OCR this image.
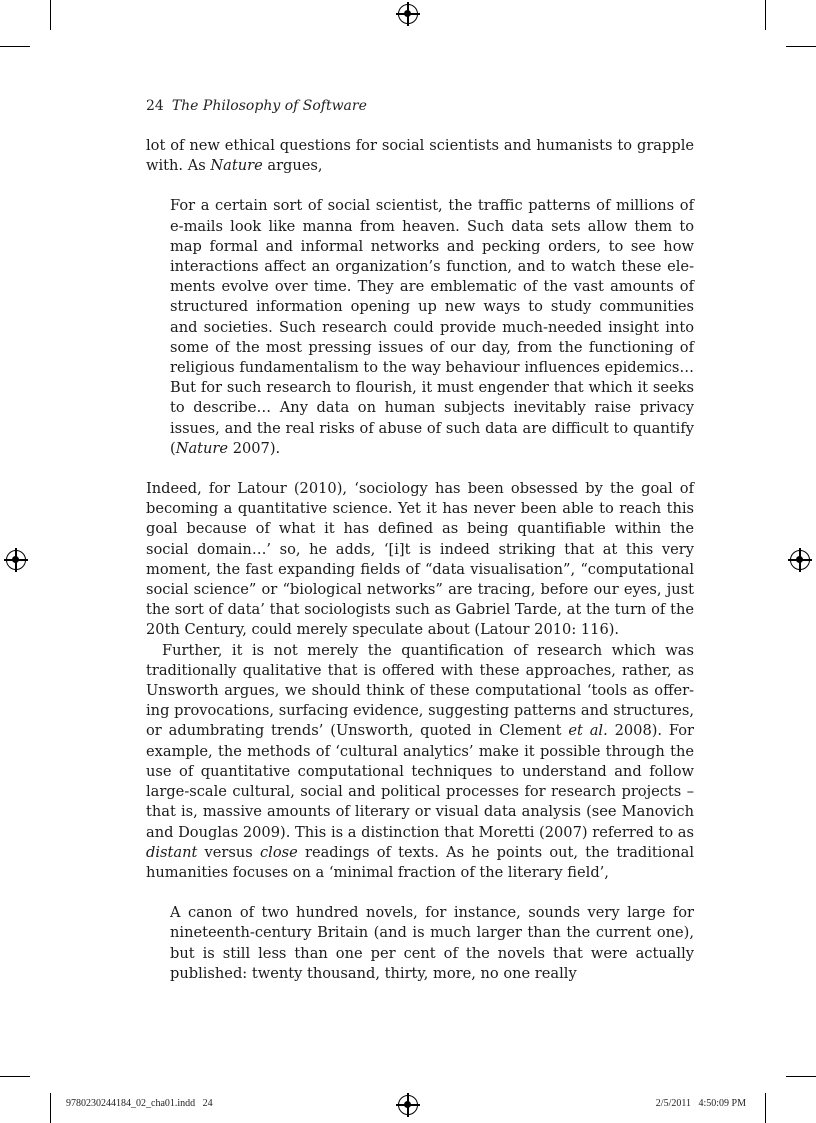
24 The Philosophy of Software

lot of new ethical questions for social scientists and humanists to grapple with. As Nature argues,

For a certain sort of social scientist, the traffic patterns of millions of e-mails look like manna from heaven. Such data sets allow them to map formal and informal networks and pecking orders, to see how interactions affect an organization’s function, and to watch these elements evolve over time. They are emblematic of the vast amounts of structured information opening up new ways to study communities and societies. Such research could provide much-needed insight into some of the most pressing issues of our day, from the functioning of religious fundamentalism to the way behaviour influences epidemics… But for such research to flourish, it must engender that which it seeks to describe… Any data on human subjects inevitably raise privacy issues, and the real risks of abuse of such data are difficult to quantify (Nature 2007).

Indeed, for Latour (2010), ‘sociology has been obsessed by the goal of becoming a quantitative science. Yet it has never been able to reach this goal because of what it has defined as being quantifiable within the social domain…’ so, he adds, ‘[i]t is indeed striking that at this very moment, the fast expanding fields of “data visualisation”, “computational social science” or “biological networks” are tracing, before our eyes, just the sort of data’ that sociologists such as Gabriel Tarde, at the turn of the 20th Century, could merely speculate about (Latour 2010: 116).

Further, it is not merely the quantification of research which was traditionally qualitative that is offered with these approaches, rather, as Unsworth argues, we should think of these computational ‘tools as offering provocations, surfacing evidence, suggesting patterns and structures, or adumbrating trends’ (Unsworth, quoted in Clement et al. 2008). For example, the methods of ‘cultural analytics’ make it possible through the use of quantitative computational techniques to understand and follow large-scale cultural, social and political processes for research projects – that is, massive amounts of literary or visual data analysis (see Manovich and Douglas 2009). This is a distinction that Moretti (2007) referred to as distant versus close readings of texts. As he points out, the traditional humanities focuses on a ‘minimal fraction of the literary field’,

A canon of two hundred novels, for instance, sounds very large for nineteenth-century Britain (and is much larger than the current one), but is still less than one per cent of the novels that were actually published: twenty thousand, thirty, more, no one really

9780230244184_02_cha01.indd   24	2/5/2011   4:50:09 PM
